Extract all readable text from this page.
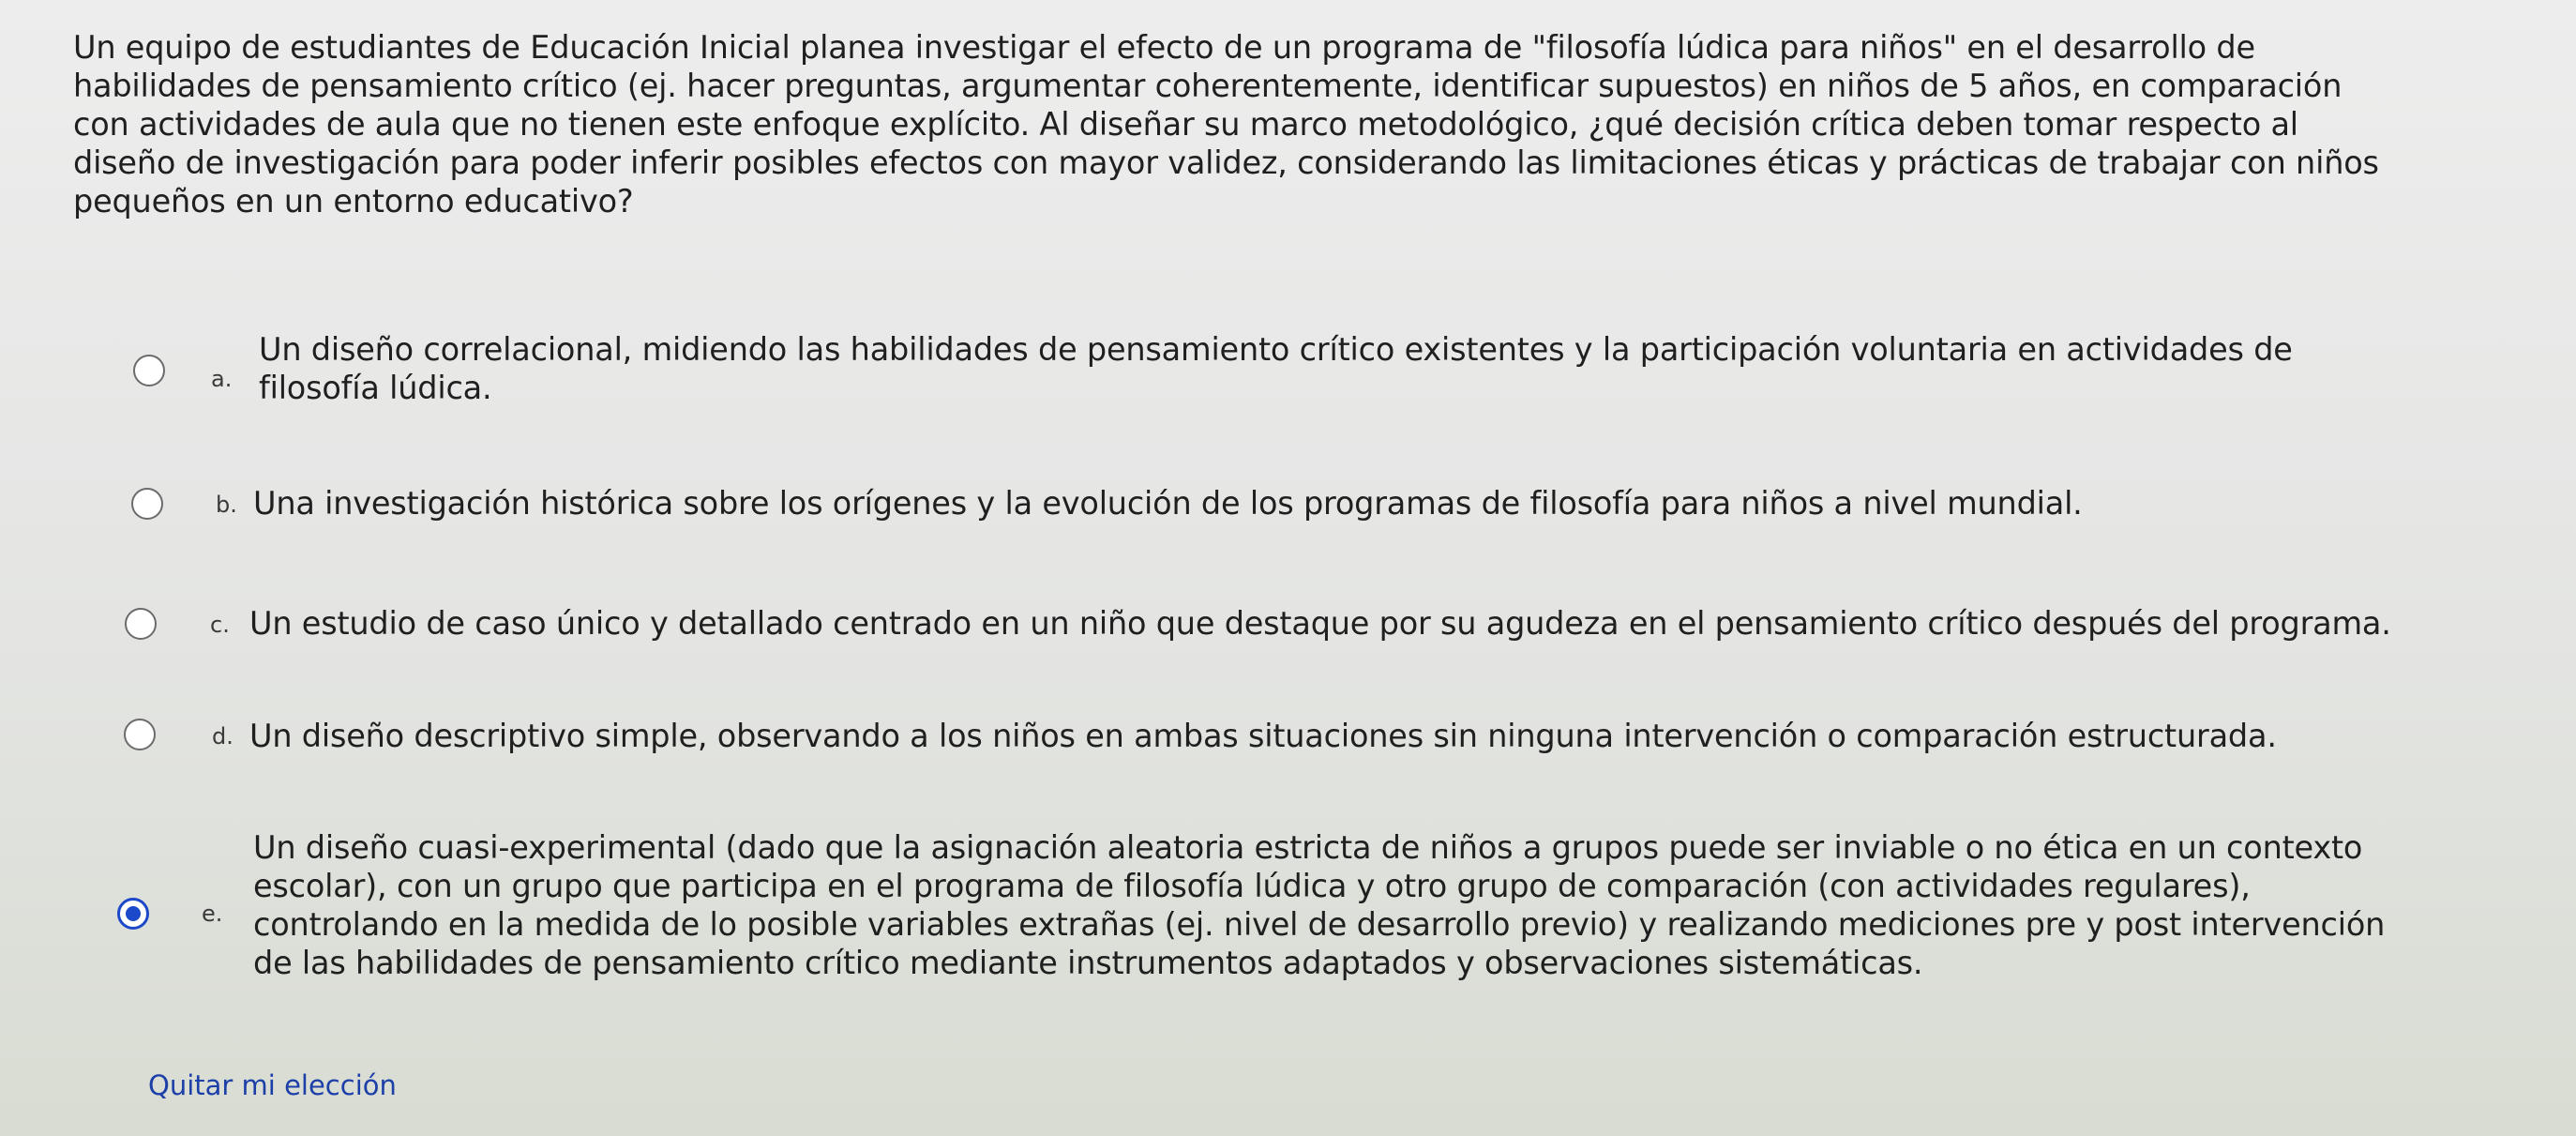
Un equipo de estudiantes de Educación Inicial planea investigar el efecto de un programa de "filosofía lúdica para niños" en el desarrollo de
habilidades de pensamiento crítico (ej. hacer preguntas, argumentar coherentemente, identificar supuestos) en niños de 5 años, en comparación
con actividades de aula que no tienen este enfoque explícito. Al diseñar su marco metodológico, ¿qué decisión crítica deben tomar respecto al
diseño de investigación para poder inferir posibles efectos con mayor validez, considerando las limitaciones éticas y prácticas de trabajar con niños
pequeños en un entorno educativo?
a.
Un diseño correlacional, midiendo las habilidades de pensamiento crítico existentes y la participación voluntaria en actividades de
filosofía lúdica.
b. Una investigación histórica sobre los orígenes y la evolución de los programas de filosofía para niños a nivel mundial.
c. Un estudio de caso único y detallado centrado en un niño que destaque por su agudeza en el pensamiento crítico después del programa.
d. Un diseño descriptivo simple, observando a los niños en ambas situaciones sin ninguna intervención o comparación estructurada.
e.
Un diseño cuasi-experimental (dado que la asignación aleatoria estricta de niños a grupos puede ser inviable o no ética en un contexto
escolar), con un grupo que participa en el programa de filosofía lúdica y otro grupo de comparación (con actividades regulares),
controlando en la medida de lo posible variables extrañas (ej. nivel de desarrollo previo) y realizando mediciones pre y post intervención
de las habilidades de pensamiento crítico mediante instrumentos adaptados y observaciones sistemáticas.
Quitar mi elección
